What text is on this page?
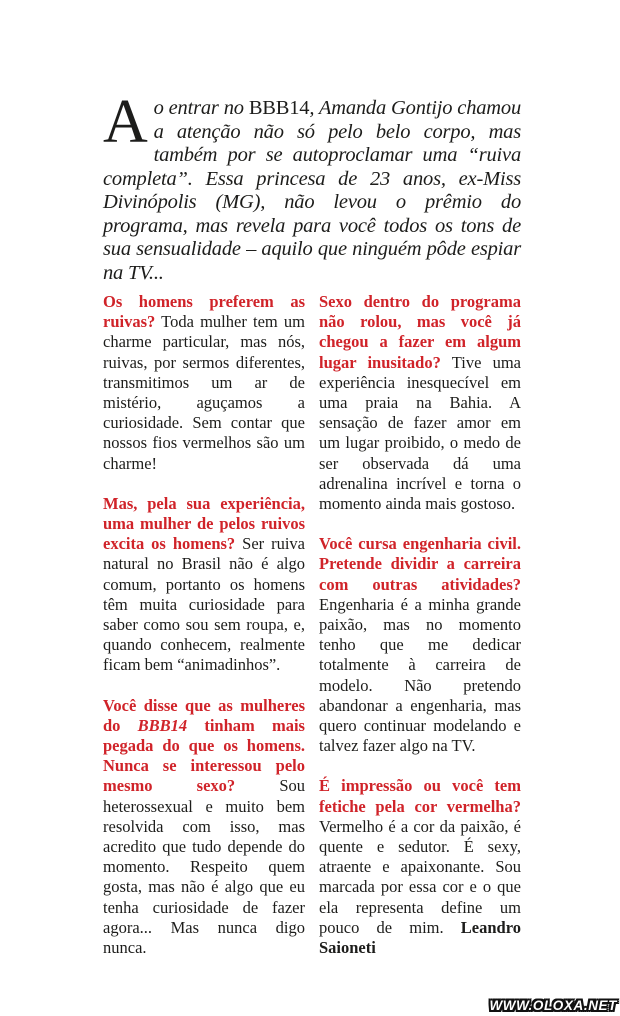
Ao entrar no BBB14, Amanda Gontijo chamou a atenção não só pelo belo corpo, mas também por se autoproclamar uma “ruiva completa”. Essa princesa de 23 anos, ex-Miss Divinópolis (MG), não levou o prêmio do programa, mas revela para você todos os tons de sua sensualidade – aquilo que ninguém pôde espiar na TV...

Os homens preferem as ruivas? Toda mulher tem um charme particular, mas nós, ruivas, por sermos diferentes, transmitimos um ar de mistério, aguçamos a curiosidade. Sem contar que nossos fios vermelhos são um charme!

Mas, pela sua experiência, uma mulher de pelos ruivos excita os homens? Ser ruiva natural no Brasil não é algo comum, portanto os homens têm muita curiosidade para saber como sou sem roupa, e, quando conhecem, realmente ficam bem “animadinhos”.

Você disse que as mulheres do BBB14 tinham mais pegada do que os homens. Nunca se interessou pelo mesmo sexo?	Sou heterossexual e muito bem resolvida com isso, mas acredito que tudo depende do momento. Respeito quem gosta, mas não é algo que eu tenha curiosidade de fazer agora... Mas nunca digo nunca.

Sexo dentro do programa não rolou, mas você já chegou a fazer em algum lugar inusitado? Tive uma experiência inesquecível em uma praia na Bahia. A sensação de fazer amor em um lugar proibido, o medo de ser observada dá uma adrenalina incrível e torna o momento ainda mais gostoso.

Você cursa engenharia civil. Pretende dividir a carreira com outras atividades? Engenharia é a minha grande paixão, mas no momento tenho que me dedicar totalmente à carreira de modelo. Não pretendo abandonar a engenharia, mas quero continuar modelando e talvez fazer algo na TV.

É impressão ou você tem fetiche pela cor vermelha? Vermelho é a cor da paixão, é quente e sedutor. É sexy, atraente e apaixonante. Sou marcada por essa cor e o que ela representa define um pouco de mim. Leandro Saioneti

WWW.OLOXA.NET
